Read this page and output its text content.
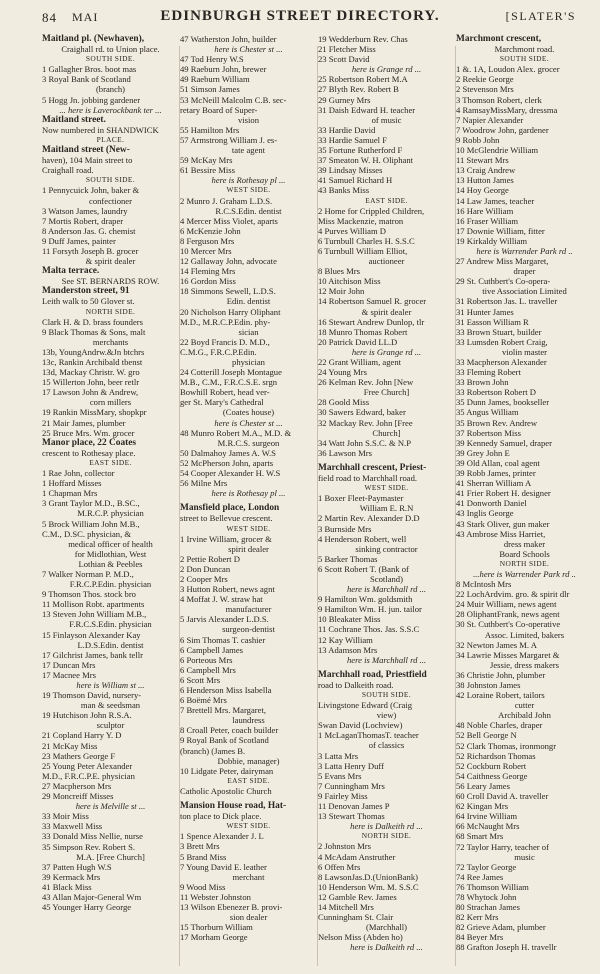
84 MAI	EDINBURGH STREET DIRECTORY.	[SLATER'S
Maitland pl. (Newhaven),
Craighall rd. to Union place.
SOUTH SIDE.
1 Gallagher Bros. boot mas
3 Royal Bank of Scotland
(branch)
5 Hogg Jn. jobbing gardener
... here is Laverockbank ter ...
Maitland street.
Now numbered in SHANDWICK
PLACE.
Maitland street (New-
haven), 104 Main street to
Craighall road.
SOUTH SIDE.
1 Pennycuick John, baker &
confectioner
3 Watson James, laundry
7 Mortis Robert, draper
8 Anderson Jas. G. chemist
9 Duff James, painter
11 Forsyth Joseph B. grocer
& spirit dealer
Malta terrace.
See ST. BERNARDS ROW.
Manderston street, 91
Leith walk to 50 Glover st.
NORTH SIDE.
Clark H. & D. brass founders
9 Black Thomas & Sons, malt
merchants
13b, YoungAndrw.&Jn btchrs
13c, Rankin Archibald tbenst
13d, Mackay Christr. W. gro
15 Willerton John, beer retlr
17 Lawson John & Andrew,
corn millers
19 Rankin MissMary, shopkpr
21 Mair James, plumber
25 Bruce Mrs. Wm. grocer
Manor place, 22 Coates
crescent to Rothesay place.
EAST SIDE.
1 Rae John, collector
1 Hoffard Misses
1 Chapman Mrs
3 Grant Taylor M.D., B.SC.,
M.R.C.P. physician
5 Brock William John M.B.,
C.M., D.SC. physician, &
medical officer of health
for Midlothian, West
Lothian & Peebles
7 Walker Norman P. M.D.,
F.R.C.P.Edin. physician
9 Thomson Thos. stock bro
11 Mollison Robt. apartments
13 Steven John William M.B.,
F.R.C.S.Edin. physician
15 Finlayson Alexander Kay
L.D.S.Edin. dentist
17 Gilchrist James, bank tellr
17 Duncan Mrs
17 Macnee Mrs
here is William st ...
19 Thomson David, nursery-
man & seedsman
19 Hutchison John R.S.A.
sculptor
21 Copland Harry Y. D
21 McKay Miss
23 Mathers George F
25 Young Peter Alexander
M.D., F.R.C.P.E. physician
27 Macpherson Mrs
29 Moncreiff Misses
here is Melville st ...
33 Moir Miss
33 Maxwell Miss
33 Donald Miss Nellie, nurse
35 Simpson Rev. Robert S.
M.A. [Free Church]
37 Patten Hugh W.S
39 Kermack Mrs
41 Black Miss
43 Allan Major-General Wm
45 Younger Harry George
47 Watherston John, builder
here is Chester st ...
47 Tod Henry W.S
49 Raeburn John, brewer
49 Raeburn William
51 Simson James
53 McNeill Malcolm C.B. sec-
retary Board of Super-
vision
55 Hamilton Mrs
57 Armstrong William J. es-
tate agent
59 McKay Mrs
61 Bessire Miss
here is Rothesay pl ...
WEST SIDE.
2 Munro J. Graham L.D.S.
R.C.S.Edin. dentist
4 Mercer Miss Violet, aparts
6 McKenzie John
8 Ferguson Mrs
10 Mercer Mrs
12 Gallaway John, advocate
14 Fleming Mrs
16 Gordon Miss
18 Simmons Sewell, L.D.S.
Edin. dentist
20 Nicholson Harry Oliphant
M.D., M.R.C.P.Edin. phy-
sician
22 Boyd Francis D. M.D.,
C.M.G., F.R.C.P.Edin.
physician
24 Cotterill Joseph Montague
M.B., C.M., F.R.C.S.E. srgn
Bowhill Robert, head ver-
ger St. Mary's Cathedral
(Coates house)
here is Chester st ...
48 Munro Robert M.A., M.D. &
M.R.C.S. surgeon
50 Dalmahoy James A. W.S
52 McPherson John, aparts
54 Cooper Alexander H. W.S
56 Milne Mrs
here is Rothesay pl ...
Mansfield place, London
street to Bellevue crescent.
WEST SIDE.
1 Irvine William, grocer &
spirit dealer
2 Pettie Robert D
2 Don Duncan
2 Cooper Mrs
3 Hutton Robert, news agnt
4 Moffat J. W. straw hat
manufacturer
5 Jarvis Alexander L.D.S.
surgeon-dentist
6 Sim Thomas T. cashier
6 Campbell James
6 Porteous Mrs
6 Campbell Mrs
6 Scott Mrs
6 Henderson Miss Isabella
6 Boëmé Mrs
7 Brettell Mrs. Margaret,
laundress
8 Croall Peter, coach builder
9 Royal Bank of Scotland
(branch) (James B.
Dobbie, manager)
10 Lidgate Peter, dairyman
EAST SIDE.
Catholic Apostolic Church
Mansion House road, Hat-
ton place to Dick place.
WEST SIDE.
1 Spence Alexander J. L
3 Brett Mrs
5 Brand Miss
7 Young David E. leather
merchant
9 Wood Miss
11 Webster Johnston
13 Wilson Ebenezer B. provi-
sion dealer
15 Thorburn William
17 Morham George
19 Wedderburn Rev. Chas
21 Fletcher Miss
23 Scott David
here is Grange rd ...
25 Robertson Robert M.A
27 Blyth Rev. Robert B
29 Gurney Mrs
31 Daish Edward H. teacher
of music
33 Hardie David
33 Hardie Samuel F
35 Fortune Rutherford F
37 Smeaton W. H. Oliphant
39 Lindsay Misses
41 Samuel Richard H
43 Banks Miss
EAST SIDE.
2 Home for Crippled Children,
Miss Mackenzie, matron
4 Purves William D
6 Turnbull Charles H. S.S.C
6 Turnbull William Elliot,
auctioneer
8 Blues Mrs
10 Aitchison Miss
12 Moir John
14 Robertson Samuel R. grocer
& spirit dealer
16 Stewart Andrew Dunlop, tlr
18 Munro Thomas Robert
20 Patrick David LL.D
here is Grange rd ...
22 Grant William, agent
24 Young Mrs
26 Kelman Rev. John [New
Free Church]
28 Goold Miss
30 Sawers Edward, baker
32 Mackay Rev. John [Free
Church]
34 Watt John S.S.C. & N.P
36 Lawson Mrs
Marchhall crescent, Priest-
field road to Marchhall road.
WEST SIDE.
1 Boxer Fleet-Paymaster
William E. R.N
2 Martin Rev. Alexander D.D
3 Burnside Mrs
4 Henderson Robert, well
sinking contractor
5 Barker Thomas
6 Scott Robert T. (Bank of
Scotland)
here is Marchhall rd ...
9 Hamilton Wm. goldsmith
9 Hamilton Wm. H. jun. tailor
10 Bleakater Miss
11 Cochrane Thos. Jas. S.S.C
12 Kay William
13 Adamson Mrs
here is Marchhall rd ...
Marchhall road, Priestfield
road to Dalkeith road.
SOUTH SIDE.
Livingstone Edward (Craig
view)
Swan David (Lochview)
1 McLaganThomasT. teacher
of classics
3 Latta Mrs
3 Latta Henry Duff
5 Evans Mrs
7 Cunningham Mrs
9 Fairley Miss
11 Denovan James P
13 Stewart Thomas
here is Dalkeith rd ...
NORTH SIDE.
2 Johnston Mrs
4 McAdam Anstruther
6 Offen Mrs
8 LawsonJas.D.(UnionBank)
10 Henderson Wm. M. S.S.C
12 Gamble Rev. James
14 Mitchell Mrs
Cunningham St. Clair
(Marchhall)
Nelson Miss (Abden ho)
here is Dalkeith rd ...
Marchmont crescent,
Marchmont road.
SOUTH SIDE.
1 &. 1A, Loudon Alex. grocer
2 Reekie George
2 Stevenson Mrs
3 Thomson Robert, clerk
4 RamsayMissMary, dressma
7 Napier Alexander
7 Woodrow John, gardener
9 Robb John
10 McGlendrie William
11 Stewart Mrs
13 Craig Andrew
13 Hutton James
14 Hoy George
14 Law James, teacher
16 Hare William
16 Fraser William
17 Downie William, fitter
19 Kirkaldy William
here is Warrender Park rd ..
27 Andrew Miss Margaret,
draper
29 St. Cuthbert's Co-opera-
tive Association Limited
31 Robertson Jas. L. traveller
31 Hunter James
31 Easson William R
33 Brown Stuart, builder
33 Lumsden Robert Craig,
violin master
33 Macpherson Alexander
33 Fleming Robert
33 Brown John
33 Robertson Robert D
35 Dunn James, bookseller
35 Angus William
35 Brown Rev. Andrew
37 Robertson Miss
39 Kennedy Samuel, draper
39 Grey John E
39 Old Allan, coal agent
39 Robb James, printer
41 Sherran William A
41 Frier Robert H. designer
41 Donworth Daniel
43 Inglis George
43 Stark Oliver, gun maker
43 Ambrose Miss Harriet,
dress maker
Board Schools
NORTH SIDE.
...here is Warrender Park rd ..
8 McIntosh Mrs
22 LochArdvim. gro. & spirit dlr
24 Muir William, news agent
28 OliphantFrank, news agent
30 St. Cuthbert's Co-operative
Assoc. Limited, bakers
32 Newton James M. A
34 Lawrie Misses Margaret &
Jessie, dress makers
36 Christie John, plumber
38 Johnston James
42 Loraine Robert, tailors
cutter
Archibald John
48 Noble Charles, draper
52 Bell George N
52 Clark Thomas, ironmongr
52 Richardson Thomas
52 Cockburn Robert
54 Caithness George
56 Leary James
60 Croll David A. traveller
62 Kingan Mrs
64 Irvine William
66 McNaught Mrs
68 Smart Mrs
72 Taylor Harry, teacher of
music
72 Taylor George
74 Ree James
76 Thomson William
78 Whytock John
80 Strachan James
82 Kerr Mrs
82 Grieve Adam, plumber
84 Beyer Mrs
88 Grafton Joseph H. travellr
